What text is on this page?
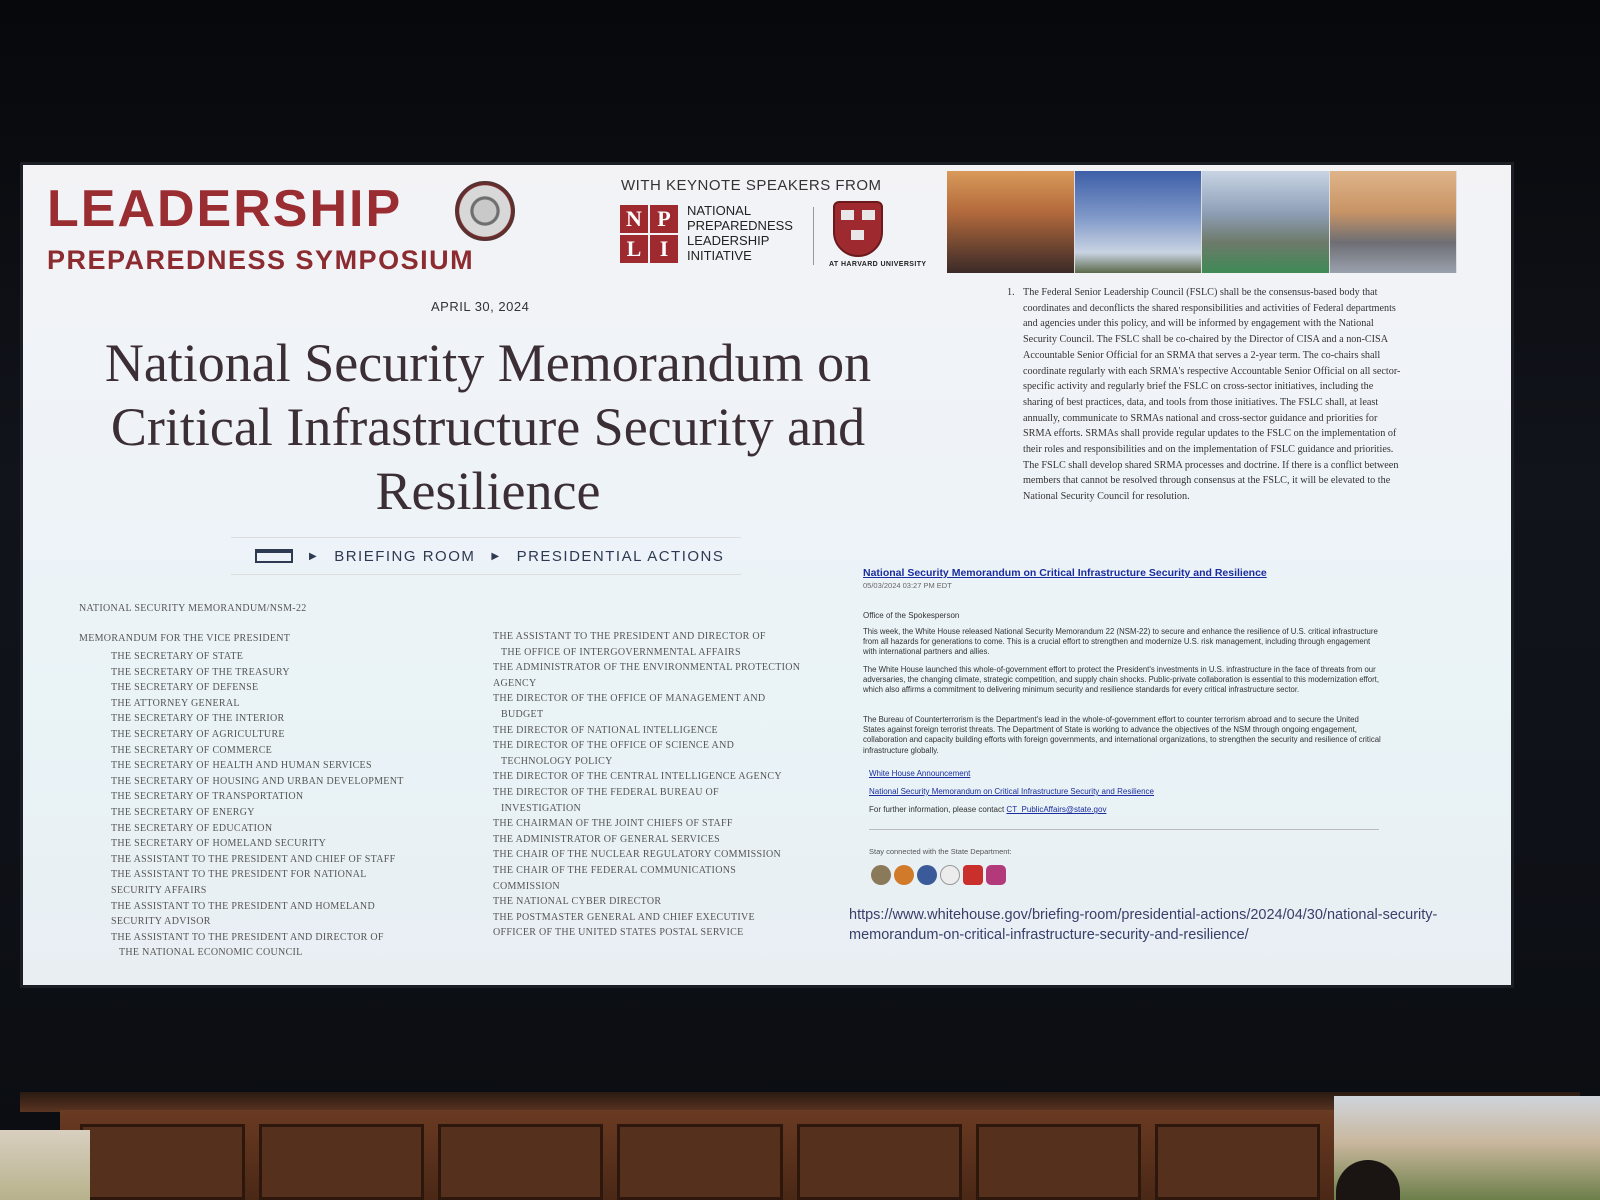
LEADERSHIP
PREPAREDNESS SYMPOSIUM
WITH KEYNOTE SPEAKERS FROM
N P
L I
NATIONAL PREPAREDNESS LEADERSHIP INITIATIVE
AT HARVARD UNIVERSITY
APRIL 30, 2024
National Security Memorandum on Critical Infrastructure Security and Resilience
▶ BRIEFING ROOM ▶ PRESIDENTIAL ACTIONS
NATIONAL SECURITY MEMORANDUM/NSM-22
MEMORANDUM FOR THE VICE PRESIDENT
THE SECRETARY OF STATE
THE SECRETARY OF THE TREASURY
THE SECRETARY OF DEFENSE
THE ATTORNEY GENERAL
THE SECRETARY OF THE INTERIOR
THE SECRETARY OF AGRICULTURE
THE SECRETARY OF COMMERCE
THE SECRETARY OF HEALTH AND HUMAN SERVICES
THE SECRETARY OF HOUSING AND URBAN DEVELOPMENT
THE SECRETARY OF TRANSPORTATION
THE SECRETARY OF ENERGY
THE SECRETARY OF EDUCATION
THE SECRETARY OF HOMELAND SECURITY
THE ASSISTANT TO THE PRESIDENT AND CHIEF OF STAFF
THE ASSISTANT TO THE PRESIDENT FOR NATIONAL
SECURITY AFFAIRS
THE ASSISTANT TO THE PRESIDENT AND HOMELAND
SECURITY ADVISOR
THE ASSISTANT TO THE PRESIDENT AND DIRECTOR OF
THE NATIONAL ECONOMIC COUNCIL
THE ASSISTANT TO THE PRESIDENT AND DIRECTOR OF
THE OFFICE OF INTERGOVERNMENTAL AFFAIRS
THE ADMINISTRATOR OF THE ENVIRONMENTAL PROTECTION
AGENCY
THE DIRECTOR OF THE OFFICE OF MANAGEMENT AND
BUDGET
THE DIRECTOR OF NATIONAL INTELLIGENCE
THE DIRECTOR OF THE OFFICE OF SCIENCE AND
TECHNOLOGY POLICY
THE DIRECTOR OF THE CENTRAL INTELLIGENCE AGENCY
THE DIRECTOR OF THE FEDERAL BUREAU OF
INVESTIGATION
THE CHAIRMAN OF THE JOINT CHIEFS OF STAFF
THE ADMINISTRATOR OF GENERAL SERVICES
THE CHAIR OF THE NUCLEAR REGULATORY COMMISSION
THE CHAIR OF THE FEDERAL COMMUNICATIONS
COMMISSION
THE NATIONAL CYBER DIRECTOR
THE POSTMASTER GENERAL AND CHIEF EXECUTIVE
OFFICER OF THE UNITED STATES POSTAL SERVICE
1. The Federal Senior Leadership Council (FSLC) shall be the consensus-based body that coordinates and deconflicts the shared responsibilities and activities of Federal departments and agencies under this policy, and will be informed by engagement with the National Security Council. The FSLC shall be co-chaired by the Director of CISA and a non-CISA Accountable Senior Official for an SRMA that serves a 2-year term. The co-chairs shall coordinate regularly with each SRMA's respective Accountable Senior Official on all sector-specific activity and regularly brief the FSLC on cross-sector initiatives, including the sharing of best practices, data, and tools from those initiatives. The FSLC shall, at least annually, communicate to SRMAs national and cross-sector guidance and priorities for SRMA efforts. SRMAs shall provide regular updates to the FSLC on the implementation of their roles and responsibilities and on the implementation of FSLC guidance and priorities. The FSLC shall develop shared SRMA processes and doctrine. If there is a conflict between members that cannot be resolved through consensus at the FSLC, it will be elevated to the National Security Council for resolution.
National Security Memorandum on Critical Infrastructure Security and Resilience
05/03/2024 03:27 PM EDT
Office of the Spokesperson
This week, the White House released National Security Memorandum 22 (NSM-22) to secure and enhance the resilience of U.S. critical infrastructure from all hazards for generations to come. This is a crucial effort to strengthen and modernize U.S. risk management, including through engagement with international partners and allies.
The White House launched this whole-of-government effort to protect the President's investments in U.S. infrastructure in the face of threats from our adversaries, the changing climate, strategic competition, and supply chain shocks. Public-private collaboration is essential to this modernization effort, which also affirms a commitment to delivering minimum security and resilience standards for every critical infrastructure sector.
The Bureau of Counterterrorism is the Department's lead in the whole-of-government effort to counter terrorism abroad and to secure the United States against foreign terrorist threats. The Department of State is working to advance the objectives of the NSM through ongoing engagement, collaboration and capacity building efforts with foreign governments, and international organizations, to strengthen the security and resilience of critical infrastructure globally.
White House Announcement
National Security Memorandum on Critical Infrastructure Security and Resilience
For further information, please contact CT_PublicAffairs@state.gov
Stay connected with the State Department:
https://www.whitehouse.gov/briefing-room/presidential-actions/2024/04/30/national-security-memorandum-on-critical-infrastructure-security-and-resilience/
